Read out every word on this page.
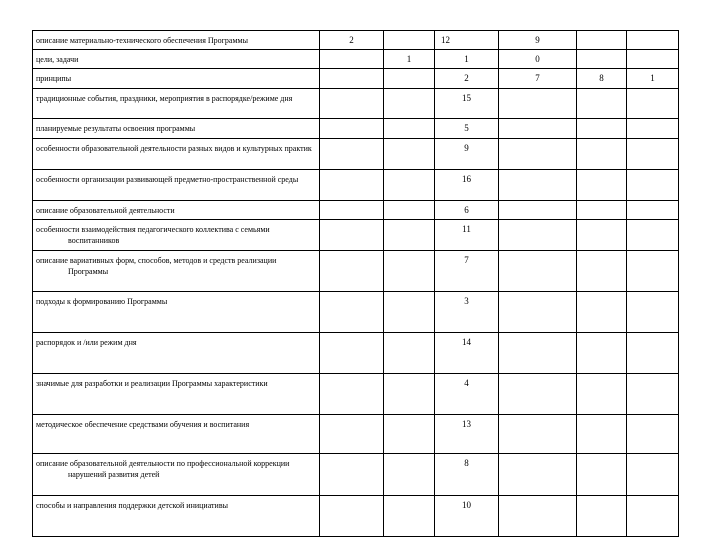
описание материально-технического обеспечения Программы	2		12	9		

цели, задачи		1	1	0		

принципы			2	7	8	1

традиционные события, праздники, мероприятия в распорядке/режиме дня			15			

планируемые результаты освоения программы			5			

особенности образовательной деятельности разных видов и культурных практик			9			

особенности организации развивающей предметно-пространственной среды			16			

описание образовательной деятельности			6			

особенности взаимодействия педагогического коллектива с семьями воспитанников			11			

описание вариативных форм, способов, методов и средств реализации Программы			7			

подходы к формированию Программы			3			

распорядок и /или режим дня			14			

значимые для разработки и реализации Программы характеристики			4			

методическое обеспечение средствами обучения и воспитания			13			

описание образовательной деятельности по профессиональной коррекции нарушений развития детей			8			

способы и направления поддержки детской инициативы			10			
